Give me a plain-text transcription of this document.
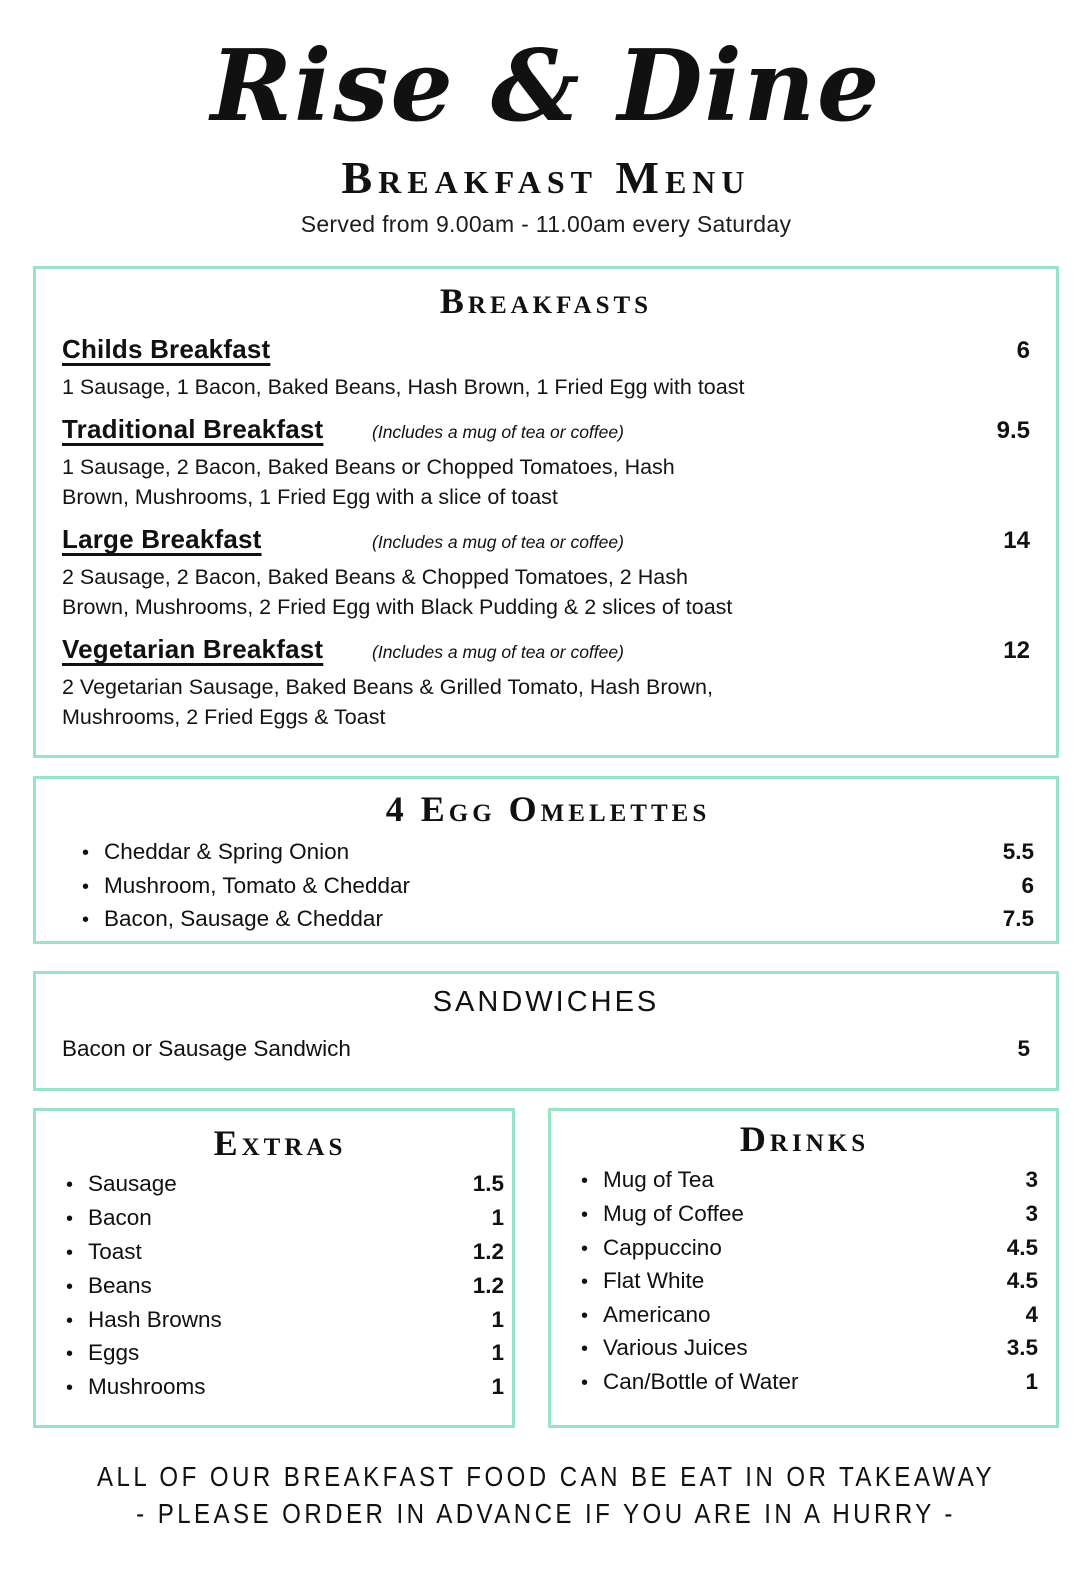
Rise & Dine
Breakfast Menu
Served from 9.00am - 11.00am every Saturday
Breakfasts
Childs Breakfast	6
1 Sausage, 1 Bacon, Baked Beans, Hash Brown, 1 Fried Egg with toast
Traditional Breakfast	(Includes a mug of tea or coffee)	9.5
1 Sausage, 2 Bacon, Baked Beans or Chopped Tomatoes, Hash
Brown, Mushrooms, 1 Fried Egg with a slice of toast
Large Breakfast	(Includes a mug of tea or coffee)	14
2 Sausage, 2 Bacon, Baked Beans & Chopped Tomatoes, 2 Hash
Brown, Mushrooms, 2 Fried Egg with Black Pudding & 2 slices of toast
Vegetarian Breakfast	(Includes a mug of tea or coffee)	12
2 Vegetarian Sausage, Baked Beans & Grilled Tomato, Hash Brown,
Mushrooms, 2 Fried Eggs & Toast
4 Egg Omelettes
• Cheddar & Spring Onion	5.5
• Mushroom, Tomato & Cheddar	6
• Bacon, Sausage & Cheddar	7.5
SANDWICHES
Bacon or Sausage Sandwich	5
Extras
• Sausage	1.5
• Bacon	1
• Toast	1.2
• Beans	1.2
• Hash Browns	1
• Eggs	1
• Mushrooms	1
Drinks
• Mug of Tea	3
• Mug of Coffee	3
• Cappuccino	4.5
• Flat White	4.5
• Americano	4
• Various Juices	3.5
• Can/Bottle of Water	1
ALL OF OUR BREAKFAST FOOD CAN BE EAT IN OR TAKEAWAY
- PLEASE ORDER IN ADVANCE IF YOU ARE IN A HURRY -
